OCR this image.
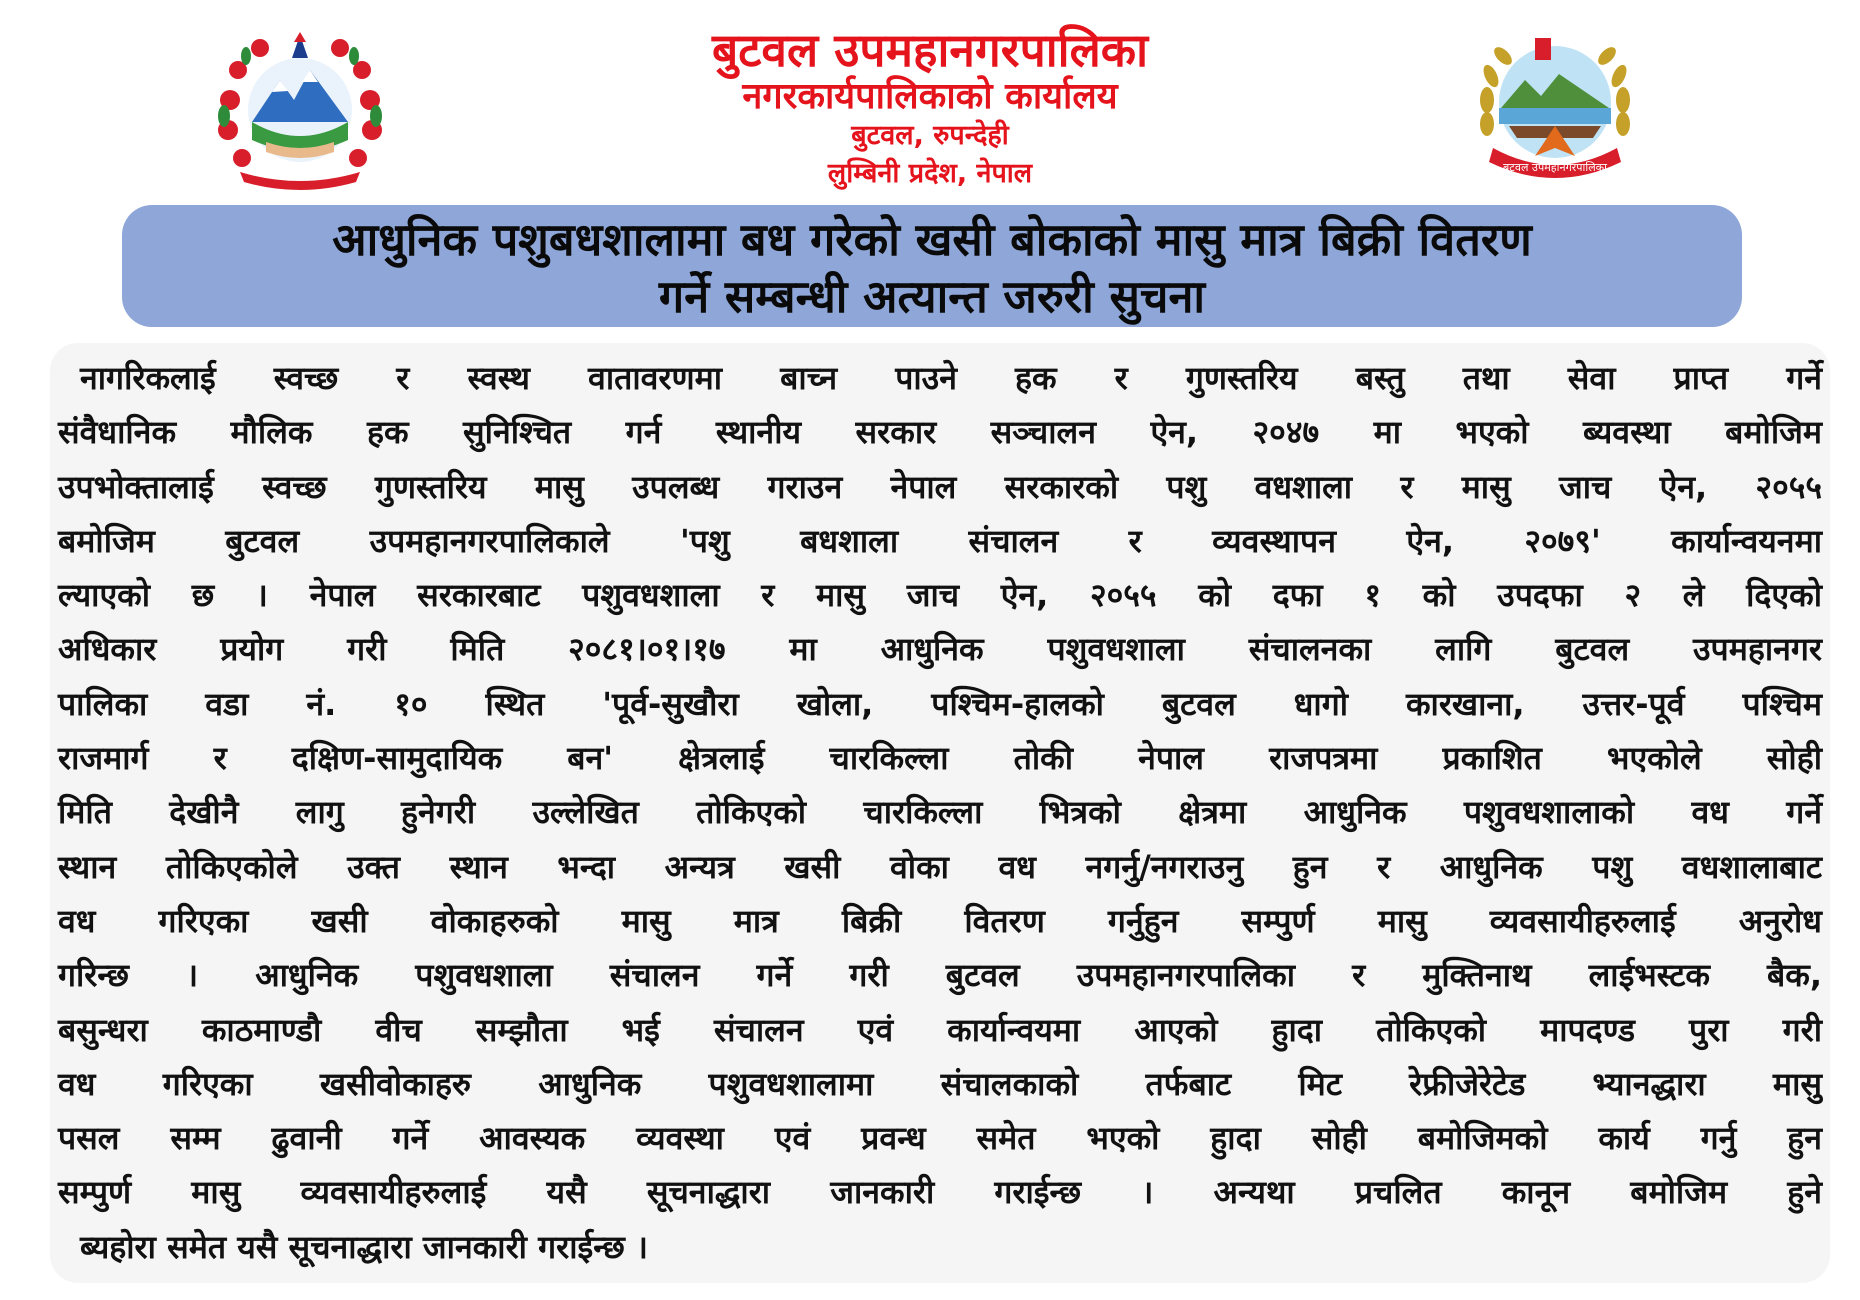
बुटवल उपमहानगरपालिका
नगरकार्यपालिकाको कार्यालय
बुटवल, रुपन्देही
लुम्बिनी प्रदेश, नेपाल	बुटवल उपमहानगरपालिका
आधुनिक पशुबधशालामा बध गरेको खसी बोकाको मासु मात्र बिक्री वितरण
गर्ने सम्बन्धी अत्यान्त जरुरी सुचना
नागरिकलाई स्वच्छ र स्वस्थ वातावरणमा बाच्न पाउने हक र गुणस्तरिय बस्तु तथा सेवा प्राप्त गर्ने
संवैधानिक मौलिक हक सुनिश्चित गर्न स्थानीय सरकार सञ्चालन ऐन, २०४७ मा भएको ब्यवस्था बमोजिम
उपभोक्तालाई स्वच्छ गुणस्तरिय मासु उपलब्ध गराउन नेपाल सरकारको पशु वधशाला र मासु जाच ऐन, २०५५
बमोजिम बुटवल उपमहानगरपालिकाले 'पशु बधशाला संचालन र व्यवस्थापन ऐन, २०७९' कार्यान्वयनमा
ल्याएको छ । नेपाल सरकारबाट पशुवधशाला र मासु जाच ऐन, २०५५ को दफा १ को उपदफा २ ले दिएको
अधिकार प्रयोग गरी मिति २०८१।०१।१७ मा आधुनिक पशुवधशाला संचालनका लागि बुटवल उपमहानगर
पालिका वडा नं. १० स्थित 'पूर्व-सुखौरा खोला, पश्चिम-हालको बुटवल धागो कारखाना, उत्तर-पूर्व पश्चिम
राजमार्ग र दक्षिण-सामुदायिक बन' क्षेत्रलाई चारकिल्ला तोकी नेपाल राजपत्रमा प्रकाशित भएकोले सोही
मिति देखीनै लागु हुनेगरी उल्लेखित तोकिएको चारकिल्ला भित्रको क्षेत्रमा आधुनिक पशुवधशालाको वध गर्ने
स्थान तोकिएकोले उक्त स्थान भन्दा अन्यत्र खसी वोका वध नगर्नु/नगराउनु हुन र आधुनिक पशु वधशालाबाट
वध गरिएका खसी वोकाहरुको मासु मात्र बिक्री वितरण गर्नुहुन सम्पुर्ण मासु व्यवसायीहरुलाई अनुरोध
गरिन्छ । आधुनिक पशुवधशाला संचालन गर्ने गरी बुटवल उपमहानगरपालिका र मुक्तिनाथ लाईभस्टक बैक,
बसुन्धरा काठमाण्डौ वीच सम्झौता भई संचालन एवं कार्यान्वयमा आएको हुादा तोकिएको मापदण्ड पुरा गरी
वध गरिएका खसीवोकाहरु आधुनिक पशुवधशालामा संचालकाको तर्फबाट मिट रेफ्रीजेरेटेड भ्यानद्धारा मासु
पसल सम्म ढुवानी गर्ने आवस्यक व्यवस्था एवं प्रवन्ध समेत भएको हुादा सोही बमोजिमको कार्य गर्नु हुन
सम्पुर्ण मासु व्यवसायीहरुलाई यसै सूचनाद्धारा जानकारी गराईन्छ । अन्यथा प्रचलित कानून बमोजिम हुने
ब्यहोरा समेत यसै सूचनाद्धारा जानकारी गराईन्छ ।
